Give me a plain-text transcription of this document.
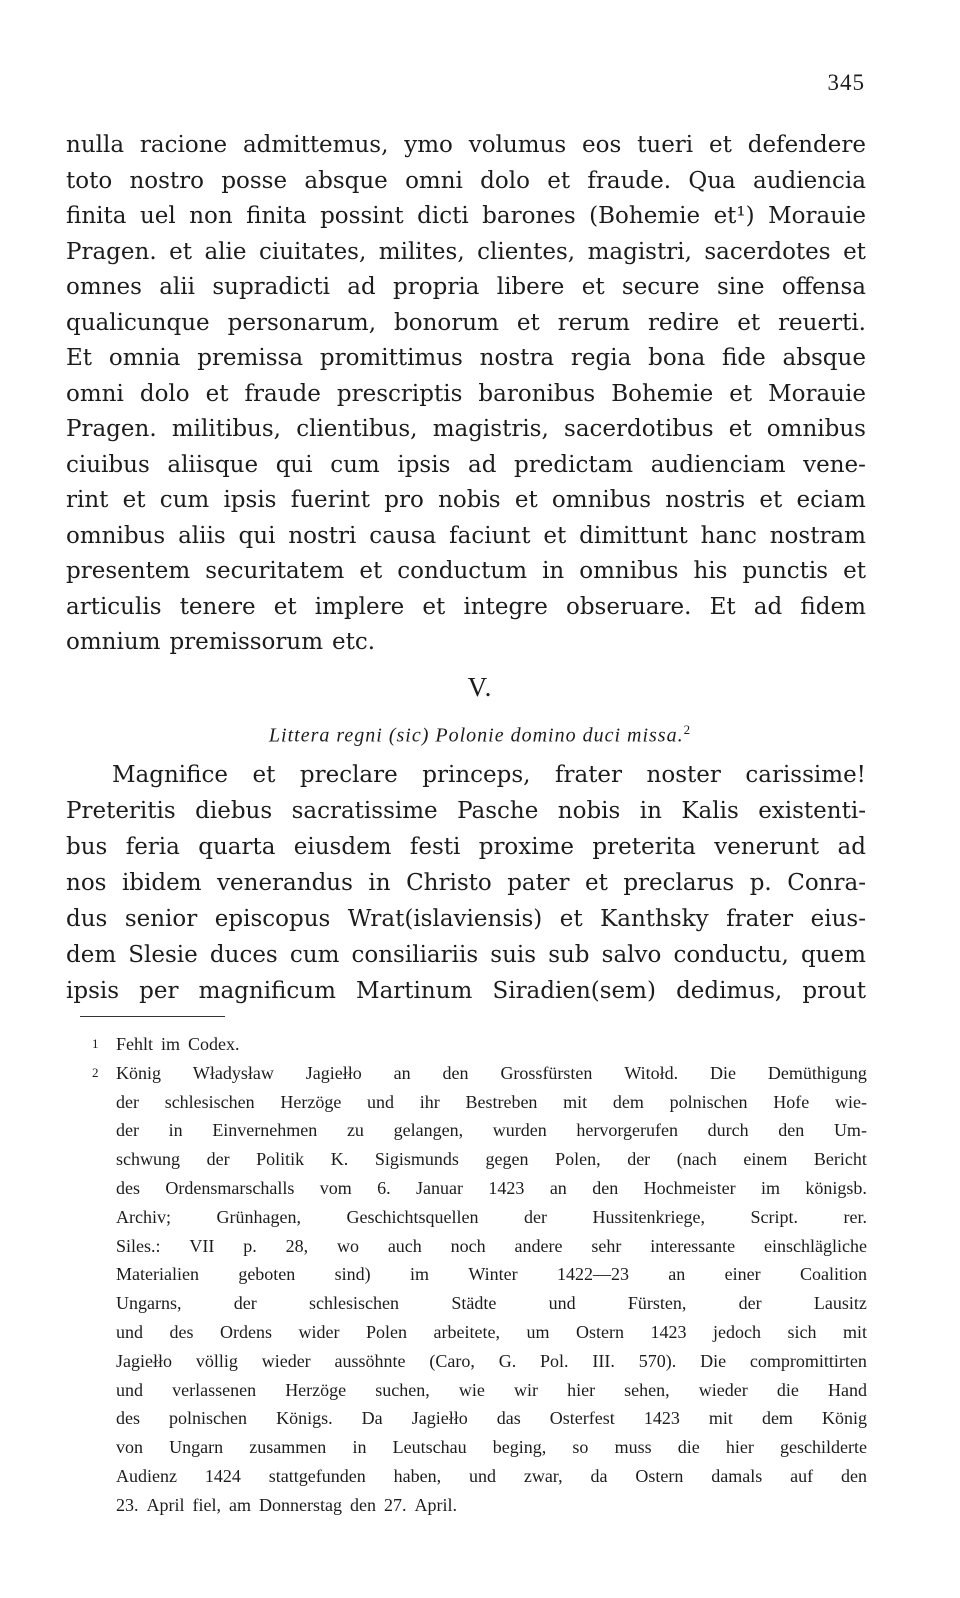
345
nulla racione admittemus, ymo volumus eos tueri et defendere
toto nostro posse absque omni dolo et fraude. Qua audiencia
finita uel non finita possint dicti barones (Bohemie et¹) Morauie
Pragen. et alie ciuitates, milites, clientes, magistri, sacerdotes et
omnes alii supradicti ad propria libere et secure sine offensa
qualicunque personarum, bonorum et rerum redire et reuerti.
Et omnia premissa promittimus nostra regia bona fide absque
omni dolo et fraude prescriptis baronibus Bohemie et Morauie
Pragen. militibus, clientibus, magistris, sacerdotibus et omnibus
ciuibus aliisque qui cum ipsis ad predictam audienciam vene-
rint et cum ipsis fuerint pro nobis et omnibus nostris et eciam
omnibus aliis qui nostri causa faciunt et dimittunt hanc nostram
presentem securitatem et conductum in omnibus his punctis et
articulis tenere et implere et integre obseruare. Et ad fidem
omnium premissorum etc.
V.
Littera regni (sic) Polonie domino duci missa.$^2$
Magnifice et preclare princeps, frater noster carissime!
Preteritis diebus sacratissime Pasche nobis in Kalis existenti-
bus feria quarta eiusdem festi proxime preterita venerunt ad
nos ibidem venerandus in Christo pater et preclarus p. Conra-
dus senior episcopus Wrat(islaviensis) et Kanthsky frater eius-
dem Slesie duces cum consiliariis suis sub salvo conductu, quem
ipsis per magnificum Martinum Siradien(sem) dedimus, prout
1 Fehlt im Codex.
2 König Władysław Jagiełło an den Grossfürsten Witołd. Die Demüthigung
der schlesischen Herzöge und ihr Bestreben mit dem polnischen Hofe wie-
der in Einvernehmen zu gelangen, wurden hervorgerufen durch den Um-
schwung der Politik K. Sigismunds gegen Polen, der (nach einem Bericht
des Ordensmarschalls vom 6. Januar 1423 an den Hochmeister im königsb.
Archiv;	Grünhagen,	Geschichtsquellen	der	Hussitenkriege,	Script.	rer.
Siles.: VII p. 28, wo auch noch andere sehr interessante einschlägliche
Materialien geboten sind) im Winter 1422—23 an einer Coalition
Ungarns,	der	schlesischen	Städte	und	Fürsten,	der	Lausitz
und des Ordens wider Polen arbeitete, um Ostern 1423 jedoch sich mit
Jagiełło völlig wieder aussöhnte (Caro, G. Pol. III. 570). Die compromittirten
und verlassenen Herzöge suchen, wie wir hier sehen, wieder die Hand
des polnischen Königs. Da Jagiełło das Osterfest 1423 mit dem König
von Ungarn zusammen in Leutschau beging, so muss die hier geschilderte
Audienz 1424 stattgefunden haben, und zwar, da Ostern damals auf den
23. April fiel, am Donnerstag den 27. April.
